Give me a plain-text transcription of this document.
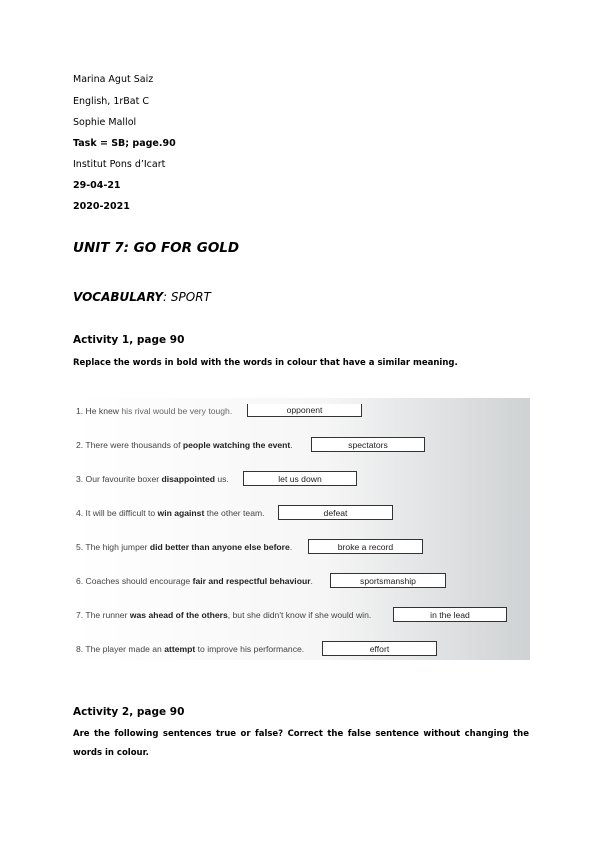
Marina Agut Saiz
English, 1rBat C
Sophie Mallol
Task = SB; page.90
Institut Pons d’Icart
29-04-21
2020-2021
UNIT 7: GO FOR GOLD
VOCABULARY: SPORT
Activity 1, page 90
Replace the words in bold with the words in colour that have a similar meaning.
1. He knew his rival would be very tough.	opponent
2. There were thousands of people watching the event.	spectators
3. Our favourite boxer disappointed us.	let us down
4. It will be difficult to win against the other team.	defeat
5. The high jumper did better than anyone else before.	broke a record
6. Coaches should encourage fair and respectful behaviour.	sportsmanship
7. The runner was ahead of the others, but she didn't know if she would win.	in the lead
8. The player made an attempt to improve his performance.	effort
Activity 2, page 90
Are the following sentences true or false? Correct the false sentence without changing the words in colour.
